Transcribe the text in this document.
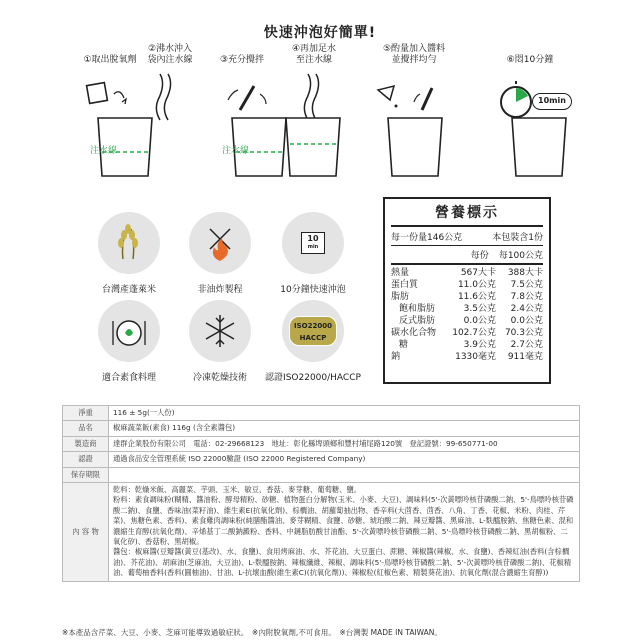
快速沖泡好簡單!
①取出脫氧劑
注水線
②沸水沖入
袋內注水線	③充分攪拌
注水線
④再加足水
至注水線
⑤酌量加入醬料
並攪拌均勻	⑥悶10分鐘
10min
台灣產蓬萊米	非油炸製程
10
min
10分鐘快速沖泡
適合素食料理	冷凍乾燥技術
ISO22000
HACCP
認證ISO22000/HACCP
營養標示
每一份量146公克	本包裝含1份
每份 每100公克
熱量	567大卡	388大卡
蛋白質	11.0公克	7.5公克
脂肪	11.6公克	7.8公克
飽和脂肪	3.5公克	2.4公克
反式脂肪	0.0公克	0.0公克
碳水化合物	102.7公克 70.3公克
糖	3.9公克	2.7公克
鈉	1330毫克	911毫克
淨重	116 ± 5g(一人份)
品名	椒麻蔬菜飯(素食) 116g (含全素醬包)
製造商	達群企業股份有限公司　電話：02-29668123　地址：彰化縣埤頭鄉和豐村埔尾路120號　登記證號：99-650771-00
認證	通過食品安全管理系統 ISO 22000驗證 (ISO 22000 Registered Company)
保存期限	
內 容 物	乾料：乾燥米飯、高麗菜、芋頭、玉米、敏豆、香菇、麥芽糖、葡萄糖、鹽。
粉料：素食調味粉(糊精、醬油粉、酵母精粉、砂糖、植物蛋白分解物(玉米、小麥、大豆)、調味料(5'-次黃嘌呤核苷磷酸二鈉、5'-鳥嘌呤核苷磷酸二鈉)、食鹽、香味油(菜籽油)、維生素E(抗氧化劑)、棕櫚油、胡蘿蔔抽出物、香辛料(大茴香、茴香、八角、丁香、花椒、米粉、肉桂、芹菜)、焦糖色素、香料)、素食雞肉調味粉(純膳酯醬油、麥芽糊精、食鹽、砂糖、琥珀酸二鈉、辣豆瓣醬、黑麻油、L-麩醯胺鈉、焦糖色素、混和濃縮生育醇(抗氧化劑)、辛烯基丁二酸鈉澱粉、香料、中鏈脂肪酸甘油酯、5'-次黃嘌呤核苷磷酸二鈉、5'-鳥嘌呤核苷磷酸二鈉、黑胡椒粉、二氧化矽)、香菇粉、黑胡椒。
醬包：椒麻醬(豆瓣醬(黃豆(基改)、水、食鹽)、食用烤麻油、水、芥花油、大豆蛋白、蔗糖、辣椒醬(辣椒、水、食鹽)、香辣紅油(香料(含棕櫚油)、芥花油)、胡麻油(芝麻油、大豆油)、L-麩醯胺鈉、辣椒纖維、辣椒、調味料(5'-鳥嘌呤核苷磷酸二鈉、5'-次黃嘌呤核苷磷酸二鈉)、花椒精油、葡萄柚香料(香料(圓柚油)、甘油、L-抗壞血酸(維生素C)(抗氧化劑))、辣椒粒(紅椒色素、精製葵花油)、抗氧化劑(混合濃縮生育醇))
※本產品含芹菜、大豆、小麥、芝麻可能導致過敏症狀。　※內附脫氧劑,不可食用。　※台灣製 MADE IN TAIWAN。
